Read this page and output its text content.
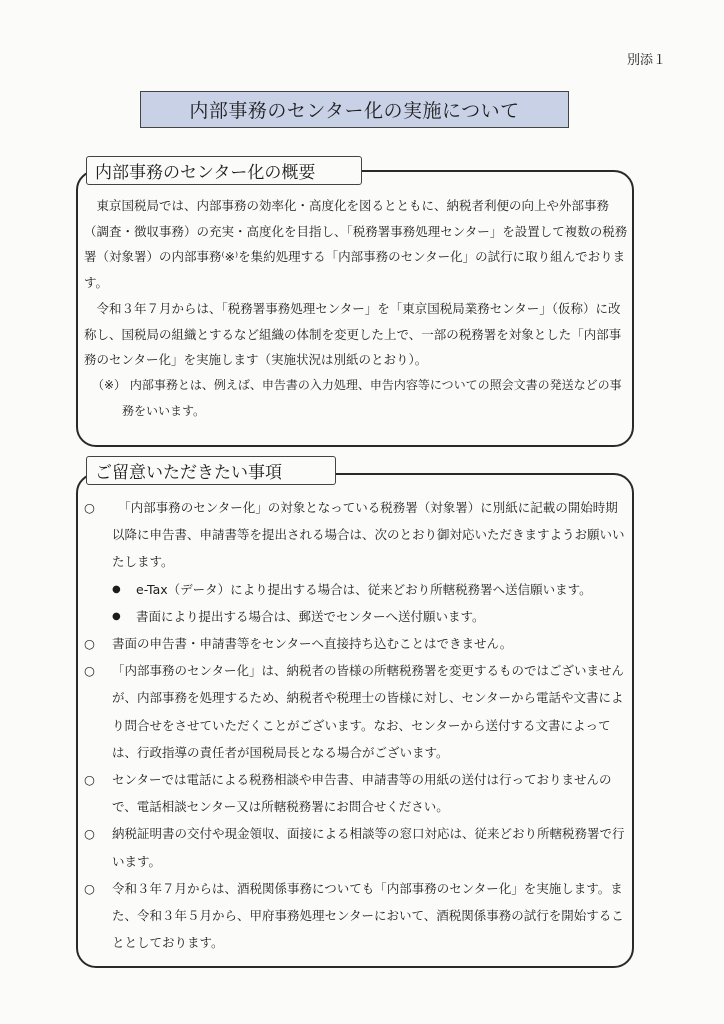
別添１
内部事務のセンター化の実施について
内部事務のセンター化の概要

東京国税局では、内部事務の効率化・高度化を図るとともに、納税者利便の向上や外部事務（調査・徴収事務）の充実・高度化を目指し、「税務署事務処理センター」を設置して複数の税務署（対象署）の内部事務⁽※⁾を集約処理する「内部事務のセンター化」の試行に取り組んでおります。

令和３年７月からは、「税務署事務処理センター」を「東京国税局業務センター」（仮称）に改称し、国税局の組織とするなど組織の体制を変更した上で、一部の税務署を対象とした「内部事務のセンター化」を実施します（実施状況は別紙のとおり）。

（※） 内部事務とは、例えば、申告書の入力処理、申告内容等についての照会文書の発送などの事務をいいます。

ご留意いただきたい事項

○	　「内部事務のセンター化」の対象となっている税務署（対象署）に別紙に記載の開始時期以降に申告書、申請書等を提出される場合は、次のとおり御対応いただきますようお願いいたします。

● e-Tax（データ）により提出する場合は、従来どおり所轄税務署へ送信願います。

● 書面により提出する場合は、郵送でセンターへ送付願います。

○	書面の申告書・申請書等をセンターへ直接持ち込むことはできません。

○	「内部事務のセンター化」は、納税者の皆様の所轄税務署を変更するものではございませんが、内部事務を処理するため、納税者や税理士の皆様に対し、センターから電話や文書により問合せをさせていただくことがございます。なお、センターから送付する文書によっては、行政指導の責任者が国税局長となる場合がございます。

○	センターでは電話による税務相談や申告書、申請書等の用紙の送付は行っておりませんので、電話相談センター又は所轄税務署にお問合せください。

○	納税証明書の交付や現金領収、面接による相談等の窓口対応は、従来どおり所轄税務署で行います。

○	令和３年７月からは、酒税関係事務についても「内部事務のセンター化」を実施します。また、令和３年５月から、甲府事務処理センターにおいて、酒税関係事務の試行を開始することとしております。
